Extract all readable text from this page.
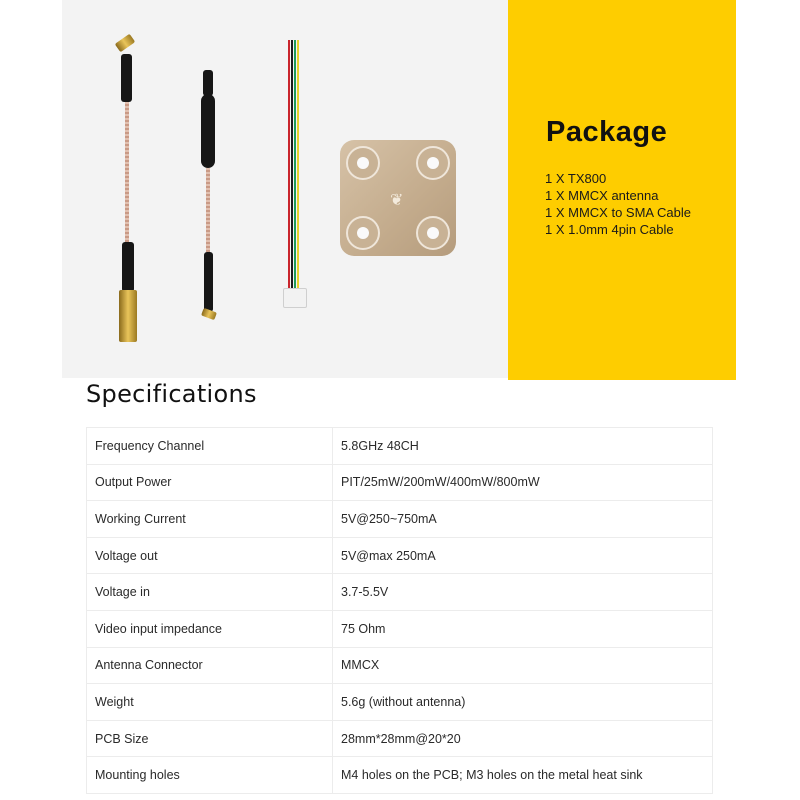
❦
Package
1 X TX800
1 X MMCX antenna
1 X MMCX to SMA Cable
1 X 1.0mm 4pin Cable
Specifications
Frequency Channel	5.8GHz 48CH
Output Power	PIT/25mW/200mW/400mW/800mW
Working Current	5V@250~750mA
Voltage out	5V@max 250mA
Voltage in	3.7-5.5V
Video input impedance	75 Ohm
Antenna Connector	MMCX
Weight	5.6g (without antenna)
PCB Size	28mm*28mm@20*20
Mounting holes	M4 holes on the PCB; M3 holes on the metal heat sink
